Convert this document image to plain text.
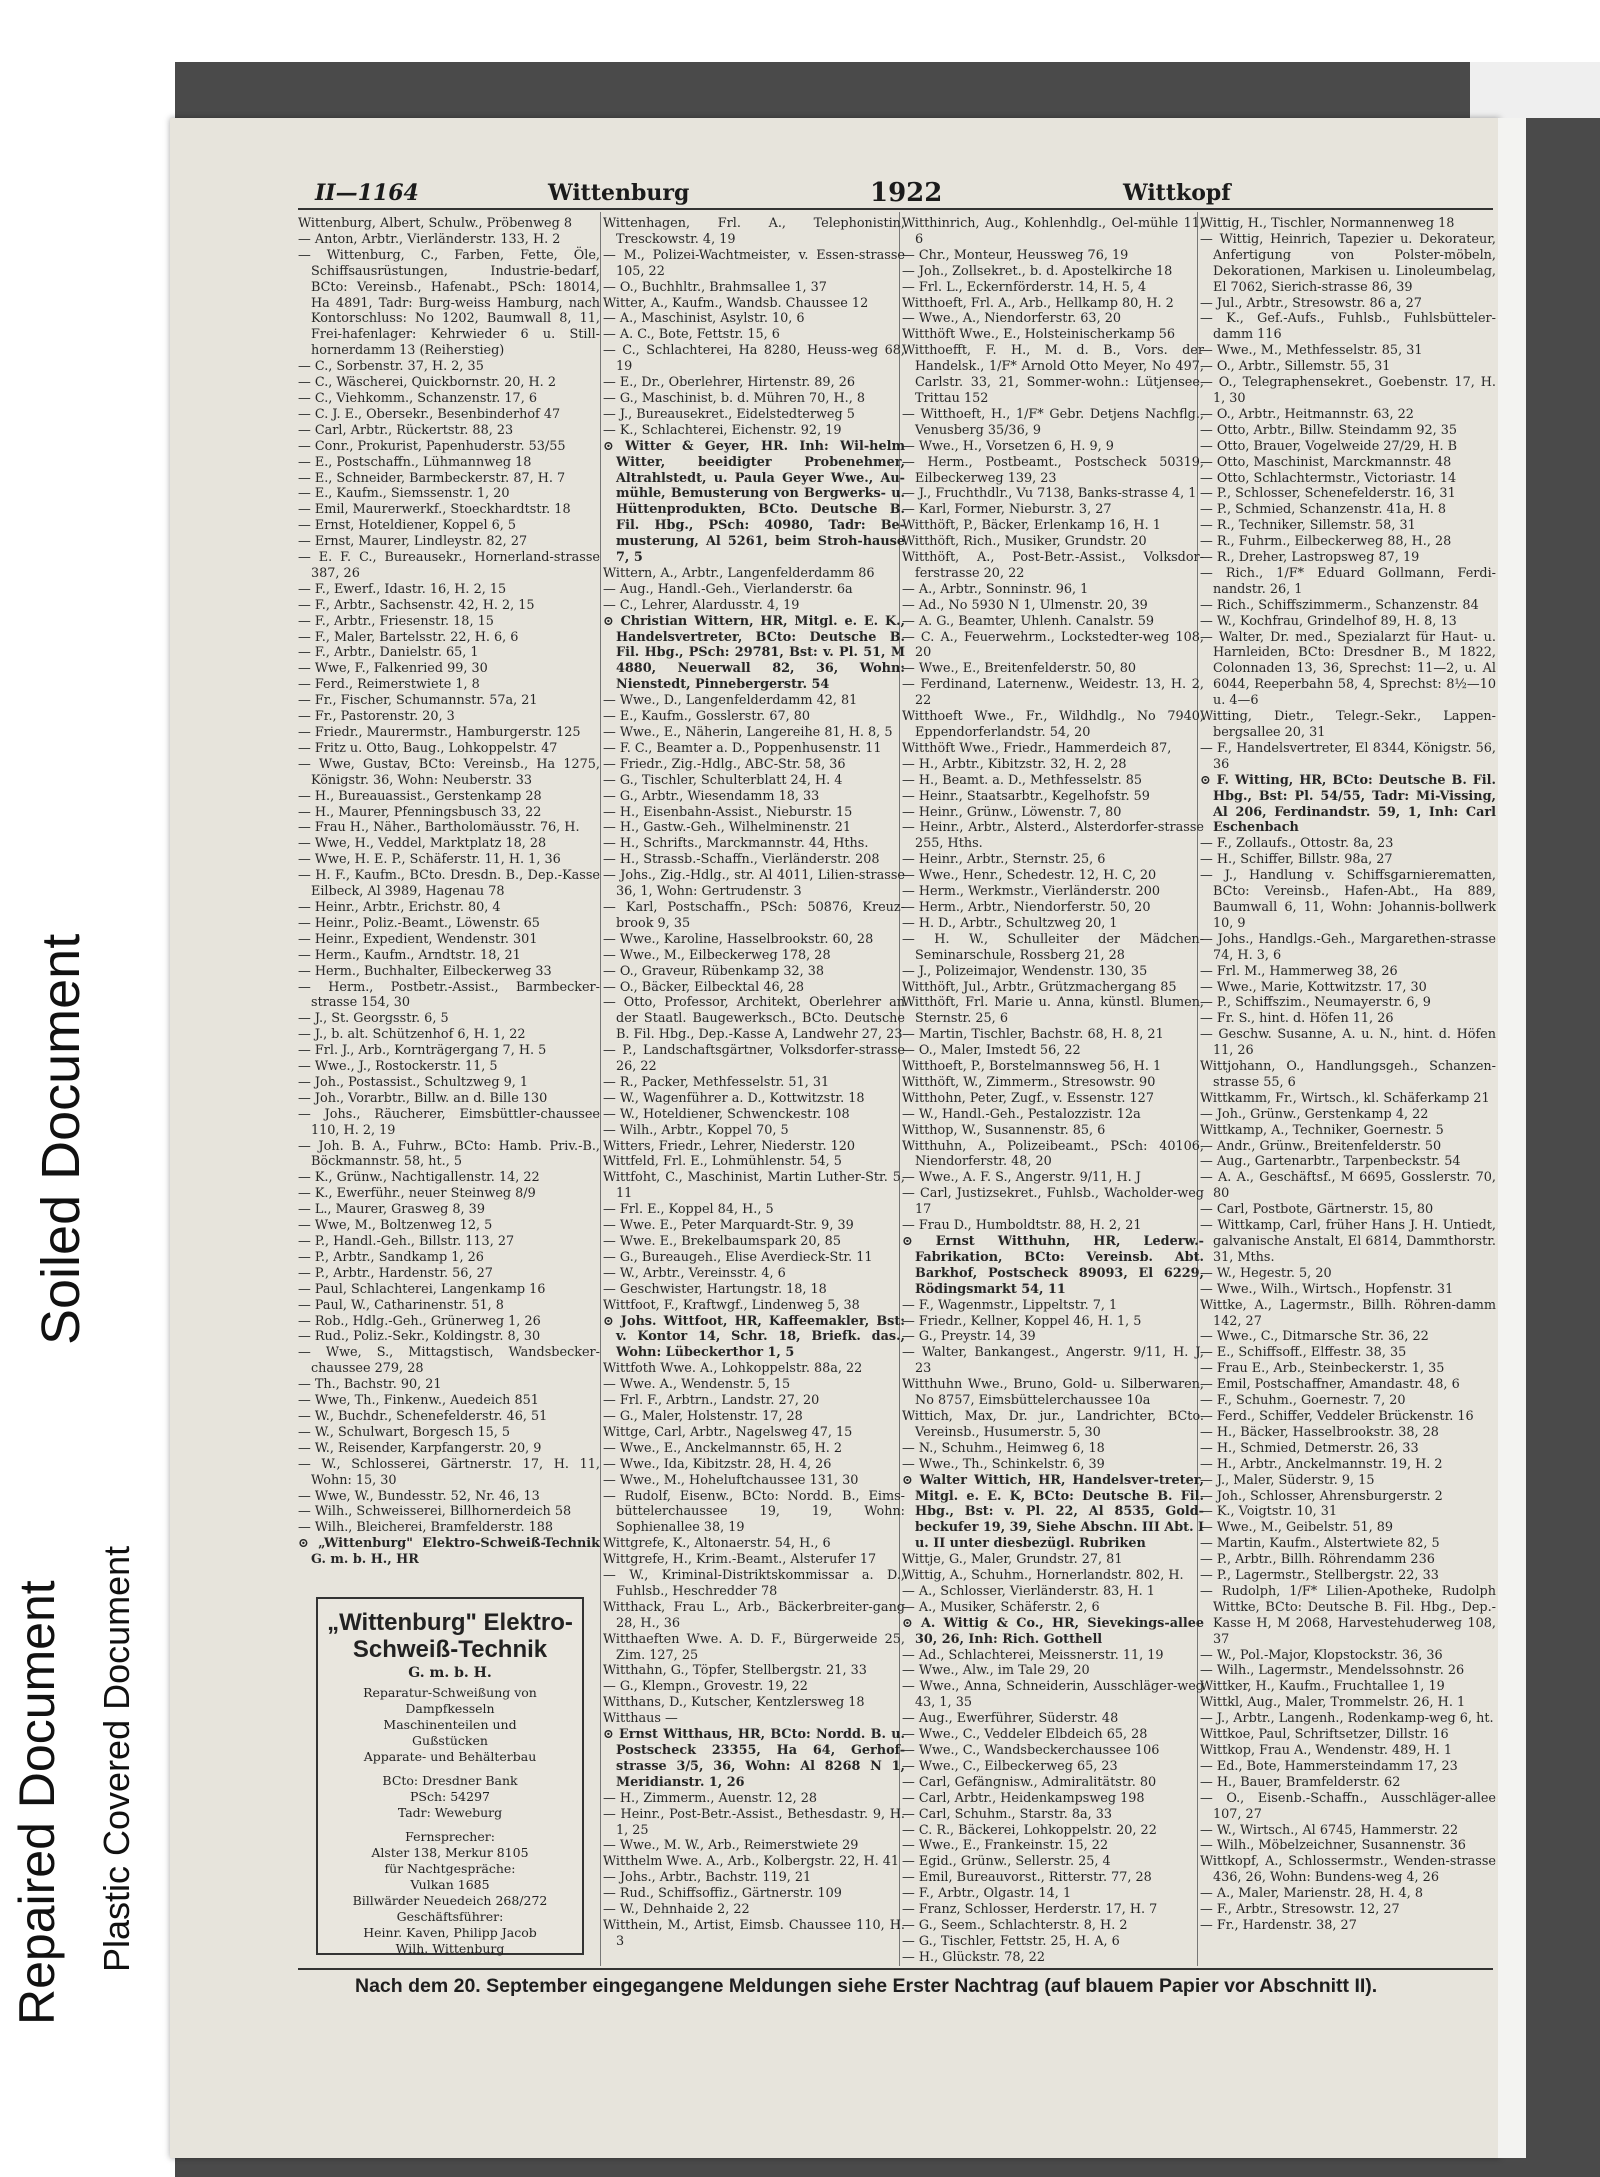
Soiled Document
Repaired Document Plastic Covered Document
II—1164	Wittenburg	1922	Wittkopf

Wittenburg, Albert, Schulw., Pröbenweg 8

— Anton, Arbtr., Vierländerstr. 133, H. 2

— Wittenburg, C., Farben, Fette, Öle, Schiffsausrüstungen, Industrie-bedarf, BCto: Vereinsb., Hafenabt., PSch: 18014, Ha 4891, Tadr: Burg-weiss Hamburg, nach Kontorschluss: No 1202, Baumwall 8, 11, Frei-hafenlager: Kehrwieder 6 u. Still-hornerdamm 13 (Reiherstieg)

— C., Sorbenstr. 37, H. 2, 35

— C., Wäscherei, Quickbornstr. 20, H. 2

— C., Viehkomm., Schanzenstr. 17, 6

— C. J. E., Obersekr., Besenbinderhof 47

— Carl, Arbtr., Rückertstr. 88, 23

— Conr., Prokurist, Papenhuderstr. 53/55

— E., Postschaffn., Lühmannweg 18

— E., Schneider, Barmbeckerstr. 87, H. 7

— E., Kaufm., Siemssenstr. 1, 20

— Emil, Maurerwerkf., Stoeckhardtstr. 18

— Ernst, Hoteldiener, Koppel 6, 5

— Ernst, Maurer, Lindleystr. 82, 27

— E. F. C., Bureausekr., Hornerland-strasse 387, 26

— F., Ewerf., Idastr. 16, H. 2, 15

— F., Arbtr., Sachsenstr. 42, H. 2, 15

— F., Arbtr., Friesenstr. 18, 15

— F., Maler, Bartelsstr. 22, H. 6, 6

— F., Arbtr., Danielstr. 65, 1

— Wwe, F., Falkenried 99, 30

— Ferd., Reimerstwiete 1, 8

— Fr., Fischer, Schumannstr. 57a, 21

— Fr., Pastorenstr. 20, 3

— Friedr., Maurermstr., Hamburgerstr. 125

— Fritz u. Otto, Baug., Lohkoppelstr. 47

— Wwe, Gustav, BCto: Vereinsb., Ha 1275, Königstr. 36, Wohn: Neuberstr. 33

— H., Bureauassist., Gerstenkamp 28

— H., Maurer, Pfenningsbusch 33, 22

— Frau H., Näher., Bartholomäusstr. 76, H.

— Wwe, H., Veddel, Marktplatz 18, 28

— Wwe, H. E. P., Schäferstr. 11, H. 1, 36

— H. F., Kaufm., BCto. Dresdn. B., Dep.-Kasse Eilbeck, Al 3989, Hagenau 78

— Heinr., Arbtr., Erichstr. 80, 4

— Heinr., Poliz.-Beamt., Löwenstr. 65

— Heinr., Expedient, Wendenstr. 301

— Herm., Kaufm., Arndtstr. 18, 21

— Herm., Buchhalter, Eilbeckerweg 33

— Herm., Postbetr.-Assist., Barmbecker-strasse 154, 30

— J., St. Georgsstr. 6, 5

— J., b. alt. Schützenhof 6, H. 1, 22

— Frl. J., Arb., Kornträgergang 7, H. 5

— Wwe., J., Rostockerstr. 11, 5

— Joh., Postassist., Schultzweg 9, 1

— Joh., Vorarbtr., Billw. an d. Bille 130

— Johs., Räucherer, Eimsbüttler-chaussee 110, H. 2, 19

— Joh. B. A., Fuhrw., BCto: Hamb. Priv.-B., Böckmannstr. 58, ht., 5

— K., Grünw., Nachtigallenstr. 14, 22

— K., Ewerführ., neuer Steinweg 8/9

— L., Maurer, Grasweg 8, 39

— Wwe, M., Boltzenweg 12, 5

— P., Handl.-Geh., Billstr. 113, 27

— P., Arbtr., Sandkamp 1, 26

— P., Arbtr., Hardenstr. 56, 27

— Paul, Schlachterei, Langenkamp 16

— Paul, W., Catharinenstr. 51, 8

— Rob., Hdlg.-Geh., Grünerweg 1, 26

— Rud., Poliz.-Sekr., Koldingstr. 8, 30

— Wwe, S., Mittagstisch, Wandsbecker-chaussee 279, 28

— Th., Bachstr. 90, 21

— Wwe, Th., Finkenw., Auedeich 851

— W., Buchdr., Schenefelderstr. 46, 51

— W., Schulwart, Borgesch 15, 5

— W., Reisender, Karpfangerstr. 20, 9

— W., Schlosserei, Gärtnerstr. 17, H. 11, Wohn: 15, 30

— Wwe, W., Bundesstr. 52, Nr. 46, 13

— Wilh., Schweisserei, Billhornerdeich 58

— Wilh., Bleicherei, Bramfelderstr. 188

⊙ „Wittenburg" Elektro-Schweiß-Technik G. m. b. H., HR

Wittenhagen, Frl. A., Telephonistin, Tresckowstr. 4, 19

— M., Polizei-Wachtmeister, v. Essen-strasse 105, 22

— O., Buchhltr., Brahmsallee 1, 37

Witter, A., Kaufm., Wandsb. Chaussee 12

— A., Maschinist, Asylstr. 10, 6

— A. C., Bote, Fettstr. 15, 6

— C., Schlachterei, Ha 8280, Heuss-weg 68, 19

— E., Dr., Oberlehrer, Hirtenstr. 89, 26

— G., Maschinist, b. d. Mühren 70, H., 8

— J., Bureausekret., Eidelstedterweg 5

— K., Schlachterei, Eichenstr. 92, 19

⊙ Witter & Geyer, HR. Inh: Wil-helm Witter, beeidigter Probenehmer, Altrahlstedt, u. Paula Geyer Wwe., Au-mühle, Bemusterung von Bergwerks- u. Hüttenprodukten, BCto. Deutsche B. Fil. Hbg., PSch: 40980, Tadr: Be-musterung, Al 5261, beim Stroh-hause 7, 5

Wittern, A., Arbtr., Langenfelderdamm 86

— Aug., Handl.-Geh., Vierlanderstr. 6a

— C., Lehrer, Alardusstr. 4, 19

⊙ Christian Wittern, HR, Mitgl. e. E. K., Handelsvertreter, BCto: Deutsche B. Fil. Hbg., PSch: 29781, Bst: v. Pl. 51, M 4880, Neuerwall 82, 36, Wohn: Nienstedt, Pinnebergerstr. 54

— Wwe., D., Langenfelderdamm 42, 81

— E., Kaufm., Gosslerstr. 67, 80

— Wwe., E., Näherin, Langereihe 81, H. 8, 5

— F. C., Beamter a. D., Poppenhusenstr. 11

— Friedr., Zig.-Hdlg., ABC-Str. 58, 36

— G., Tischler, Schulterblatt 24, H. 4

— G., Arbtr., Wiesendamm 18, 33

— H., Eisenbahn-Assist., Nieburstr. 15

— H., Gastw.-Geh., Wilhelminenstr. 21

— H., Schrifts., Marckmannstr. 44, Hths.

— H., Strassb.-Schaffn., Vierländerstr. 208

— Johs., Zig.-Hdlg., str. Al 4011, Lilien-strasse 36, 1, Wohn: Gertrudenstr. 3

— Karl, Postschaffn., PSch: 50876, Kreuz-brook 9, 35

— Wwe., Karoline, Hasselbrookstr. 60, 28

— Wwe., M., Eilbeckerweg 178, 28

— O., Graveur, Rübenkamp 32, 38

— O., Bäcker, Eilbecktal 46, 28

— Otto, Professor, Architekt, Oberlehrer an der Staatl. Baugewerksch., BCto. Deutsche B. Fil. Hbg., Dep.-Kasse A, Landwehr 27, 23

— P., Landschaftsgärtner, Volksdorfer-strasse 26, 22

— R., Packer, Methfesselstr. 51, 31

— W., Wagenführer a. D., Kottwitzstr. 18

— W., Hoteldiener, Schwenckestr. 108

— Wilh., Arbtr., Koppel 70, 5

Witters, Friedr., Lehrer, Niederstr. 120

Wittfeld, Frl. E., Lohmühlenstr. 54, 5

Wittfoht, C., Maschinist, Martin Luther-Str. 5, 11

— Frl. E., Koppel 84, H., 5

— Wwe. E., Peter Marquardt-Str. 9, 39

— Wwe. E., Brekelbaumspark 20, 85

— G., Bureaugeh., Elise Averdieck-Str. 11

— W., Arbtr., Vereinsstr. 4, 6

— Geschwister, Hartungstr. 18, 18

Wittfoot, F., Kraftwgf., Lindenweg 5, 38

⊙ Johs. Wittfoot, HR, Kaffeemakler, Bst: v. Kontor 14, Schr. 18, Briefk. das., Wohn: Lübeckerthor 1, 5

Wittfoth Wwe. A., Lohkoppelstr. 88a, 22

— Wwe. A., Wendenstr. 5, 15

— Frl. F., Arbtrn., Landstr. 27, 20

— G., Maler, Holstenstr. 17, 28

Wittge, Carl, Arbtr., Nagelsweg 47, 15

— Wwe., E., Anckelmannstr. 65, H. 2

— Wwe., Ida, Kibitzstr. 28, H. 4, 26

— Wwe., M., Hoheluftchaussee 131, 30

— Rudolf, Eisenw., BCto: Nordd. B., Eims-büttelerchaussee 19, 19, Wohn: Sophienallee 38, 19

Wittgrefe, K., Altonaerstr. 54, H., 6

Wittgrefe, H., Krim.-Beamt., Alsterufer 17

— W., Kriminal-Distriktskommissar a. D., Fuhlsb., Heschredder 78

Witthack, Frau L., Arb., Bäckerbreiter-gang 28, H., 36

Witthaeften Wwe. A. D. F., Bürgerweide 25, Zim. 127, 25

Witthahn, G., Töpfer, Stellbergstr. 21, 33

— G., Klempn., Grovestr. 19, 22

Witthans, D., Kutscher, Kentzlersweg 18

Witthaus —

⊙ Ernst Witthaus, HR, BCto: Nordd. B. u. Postscheck 23355, Ha 64, Gerhof-strasse 3/5, 36, Wohn: Al 8268 N 1, Meridianstr. 1, 26

— H., Zimmerm., Auenstr. 12, 28

— Heinr., Post-Betr.-Assist., Bethesdastr. 9, H. 1, 25

— Wwe., M. W., Arb., Reimerstwiete 29

Witthelm Wwe. A., Arb., Kolbergstr. 22, H. 41

— Johs., Arbtr., Bachstr. 119, 21

— Rud., Schiffsoffiz., Gärtnerstr. 109

— W., Dehnhaide 2, 22

Witthein, M., Artist, Eimsb. Chaussee 110, H. 3

Witthinrich, Aug., Kohlenhdlg., Oel-mühle 11, 6

— Chr., Monteur, Heussweg 76, 19

— Joh., Zollsekret., b. d. Apostelkirche 18

— Frl. L., Eckernförderstr. 14, H. 5, 4

Witthoeft, Frl. A., Arb., Hellkamp 80, H. 2

— Wwe., A., Niendorferstr. 63, 20

Witthöft Wwe., E., Holsteinischerkamp 56

Witthoefft, F. H., M. d. B., Vors. der Handelsk., 1/F* Arnold Otto Meyer, No 497, Carlstr. 33, 21, Sommer-wohn.: Lütjensee, Trittau 152

— Witthoeft, H., 1/F* Gebr. Detjens Nachflg., Venusberg 35/36, 9

— Wwe., H., Vorsetzen 6, H. 9, 9

— Herm., Postbeamt., Postscheck 50319, Eilbeckerweg 139, 23

— J., Fruchthdlr., Vu 7138, Banks-strasse 4, 1

— Karl, Former, Nieburstr. 3, 27

Witthöft, P., Bäcker, Erlenkamp 16, H. 1

Witthöft, Rich., Musiker, Grundstr. 20

Witthöft, A., Post-Betr.-Assist., Volksdor-ferstrasse 20, 22

— A., Arbtr., Sonninstr. 96, 1

— Ad., No 5930 N 1, Ulmenstr. 20, 39

— A. G., Beamter, Uhlenh. Canalstr. 59

— C. A., Feuerwehrm., Lockstedter-weg 108, 20

— Wwe., E., Breitenfelderstr. 50, 80

— Ferdinand, Laternenw., Weidestr. 13, H. 2, 22

Witthoeft Wwe., Fr., Wildhdlg., No 7940, Eppendorferlandstr. 54, 20

Witthöft Wwe., Friedr., Hammerdeich 87,

— H., Arbtr., Kibitzstr. 32, H. 2, 28

— H., Beamt. a. D., Methfesselstr. 85

— Heinr., Staatsarbtr., Kegelhofstr. 59

— Heinr., Grünw., Löwenstr. 7, 80

— Heinr., Arbtr., Alsterd., Alsterdorfer-strasse 255, Hths.

— Heinr., Arbtr., Sternstr. 25, 6

— Wwe., Henr., Schedestr. 12, H. C, 20

— Herm., Werkmstr., Vierländerstr. 200

— Herm., Arbtr., Niendorferstr. 50, 20

— H. D., Arbtr., Schultzweg 20, 1

— H. W., Schulleiter der Mädchen-Seminarschule, Rossberg 21, 28

— J., Polizeimajor, Wendenstr. 130, 35

Witthöft, Jul., Arbtr., Grützmachergang 85

Witthöft, Frl. Marie u. Anna, künstl. Blumen, Sternstr. 25, 6

— Martin, Tischler, Bachstr. 68, H. 8, 21

— O., Maler, Imstedt 56, 22

Witthoeft, P., Borstelmannsweg 56, H. 1

Witthöft, W., Zimmerm., Stresowstr. 90

Witthohn, Peter, Zugf., v. Essenstr. 127

— W., Handl.-Geh., Pestalozzistr. 12a

Witthop, W., Susannenstr. 85, 6

Witthuhn, A., Polizeibeamt., PSch: 40106, Niendorferstr. 48, 20

— Wwe., A. F. S., Angerstr. 9/11, H. J

— Carl, Justizsekret., Fuhlsb., Wacholder-weg 17

— Frau D., Humboldtstr. 88, H. 2, 21

⊙ Ernst Witthuhn, HR, Lederw.-Fabrikation, BCto: Vereinsb. Abt. Barkhof, Postscheck 89093, El 6229, Rödingsmarkt 54, 11

— F., Wagenmstr., Lippeltstr. 7, 1

— Friedr., Kellner, Koppel 46, H. 1, 5

— G., Preystr. 14, 39

— Walter, Bankangest., Angerstr. 9/11, H. J, 23

Witthuhn Wwe., Bruno, Gold- u. Silberwaren, No 8757, Eimsbüttelerchaussee 10a

Wittich, Max, Dr. jur., Landrichter, BCto. Vereinsb., Husumerstr. 5, 30

— N., Schuhm., Heimweg 6, 18

— Wwe., Th., Schinkelstr. 6, 39

⊙ Walter Wittich, HR, Handelsver-treter, Mitgl. e. E. K, BCto: Deutsche B. Fil. Hbg., Bst: v. Pl. 22, Al 8535, Gold-beckufer 19, 39, Siehe Abschn. III Abt. I u. II unter diesbezügl. Rubriken

Wittje, G., Maler, Grundstr. 27, 81

Wittig, A., Schuhm., Hornerlandstr. 802, H.

— A., Schlosser, Vierländerstr. 83, H. 1

— A., Musiker, Schäferstr. 2, 6

⊙ A. Wittig & Co., HR, Sievekings-allee 30, 26, Inh: Rich. Gotthell

— Ad., Schlachterei, Meissnerstr. 11, 19

— Wwe., Alw., im Tale 29, 20

— Wwe., Anna, Schneiderin, Ausschläger-weg 43, 1, 35

— Aug., Ewerführer, Süderstr. 48

— Wwe., C., Veddeler Elbdeich 65, 28

— Wwe., C., Wandsbeckerchaussee 106

— Wwe., C., Eilbeckerweg 65, 23

— Carl, Gefängnisw., Admiralitätstr. 80

— Carl, Arbtr., Heidenkampsweg 198

— Carl, Schuhm., Starstr. 8a, 33

— C. R., Bäckerei, Lohkoppelstr. 20, 22

— Wwe., E., Frankeinstr. 15, 22

— Egid., Grünw., Sellerstr. 25, 4

— Emil, Bureauvorst., Ritterstr. 77, 28

— F., Arbtr., Olgastr. 14, 1

— Franz, Schlosser, Herderstr. 17, H. 7

— G., Seem., Schlachterstr. 8, H. 2

— G., Tischler, Fettstr. 25, H. A, 6

— H., Glückstr. 78, 22

Wittig, H., Tischler, Normannenweg 18

— Wittig, Heinrich, Tapezier u. Dekorateur, Anfertigung von Polster-möbeln, Dekorationen, Markisen u. Linoleumbelag, El 7062, Sierich-strasse 86, 39

— Jul., Arbtr., Stresowstr. 86 a, 27

— K., Gef.-Aufs., Fuhlsb., Fuhlsbütteler-damm 116

— Wwe., M., Methfesselstr. 85, 31

— O., Arbtr., Sillemstr. 55, 31

— O., Telegraphensekret., Goebenstr. 17, H. 1, 30

— O., Arbtr., Heitmannstr. 63, 22

— Otto, Arbtr., Billw. Steindamm 92, 35

— Otto, Brauer, Vogelweide 27/29, H. B

— Otto, Maschinist, Marckmannstr. 48

— Otto, Schlachtermstr., Victoriastr. 14

— P., Schlosser, Schenefelderstr. 16, 31

— P., Schmied, Schanzenstr. 41a, H. 8

— R., Techniker, Sillemstr. 58, 31

— R., Fuhrm., Eilbeckerweg 88, H., 28

— R., Dreher, Lastropsweg 87, 19

— Rich., 1/F* Eduard Gollmann, Ferdi-nandstr. 26, 1

— Rich., Schiffszimmerm., Schanzenstr. 84

— W., Kochfrau, Grindelhof 89, H. 8, 13

— Walter, Dr. med., Spezialarzt für Haut- u. Harnleiden, BCto: Dresdner B., M 1822, Colonnaden 13, 36, Sprechst: 11—2, u. Al 6044, Reeperbahn 58, 4, Sprechst: 8½—10 u. 4—6

Witting, Dietr., Telegr.-Sekr., Lappen-bergsallee 20, 31

— F., Handelsvertreter, El 8344, Königstr. 56, 36

⊙ F. Witting, HR, BCto: Deutsche B. Fil. Hbg., Bst: Pl. 54/55, Tadr: Mi-Vissing, Al 206, Ferdinandstr. 59, 1, Inh: Carl Eschenbach

— F., Zollaufs., Ottostr. 8a, 23

— H., Schiffer, Billstr. 98a, 27

— J., Handlung v. Schiffsgarnierematten, BCto: Vereinsb., Hafen-Abt., Ha 889, Baumwall 6, 11, Wohn: Johannis-bollwerk 10, 9

— Johs., Handlgs.-Geh., Margarethen-strasse 74, H. 3, 6

— Frl. M., Hammerweg 38, 26

— Wwe., Marie, Kottwitzstr. 17, 30

— P., Schiffszim., Neumayerstr. 6, 9

— Fr. S., hint. d. Höfen 11, 26

— Geschw. Susanne, A. u. N., hint. d. Höfen 11, 26

Wittjohann, O., Handlungsgeh., Schanzen-strasse 55, 6

Wittkamm, Fr., Wirtsch., kl. Schäferkamp 21

— Joh., Grünw., Gerstenkamp 4, 22

Wittkamp, A., Techniker, Goernestr. 5

— Andr., Grünw., Breitenfelderstr. 50

— Aug., Gartenarbtr., Tarpenbeckstr. 54

— A. A., Geschäftsf., M 6695, Gosslerstr. 70, 80

— Carl, Postbote, Gärtnerstr. 15, 80

— Wittkamp, Carl, früher Hans J. H. Untiedt, galvanische Anstalt, El 6814, Dammthorstr. 31, Mths.

— W., Hegestr. 5, 20

— Wwe., Wilh., Wirtsch., Hopfenstr. 31

Wittke, A., Lagermstr., Billh. Röhren-damm 142, 27

— Wwe., C., Ditmarsche Str. 36, 22

— E., Schiffsoff., Elffestr. 38, 35

— Frau E., Arb., Steinbeckerstr. 1, 35

— Emil, Postschaffner, Amandastr. 48, 6

— F., Schuhm., Goernestr. 7, 20

— Ferd., Schiffer, Veddeler Brückenstr. 16

— H., Bäcker, Hasselbrookstr. 38, 28

— H., Schmied, Detmerstr. 26, 33

— H., Arbtr., Anckelmannstr. 19, H. 2

— J., Maler, Süderstr. 9, 15

— Joh., Schlosser, Ahrensburgerstr. 2

— K., Voigtstr. 10, 31

— Wwe., M., Geibelstr. 51, 89

— Martin, Kaufm., Alstertwiete 82, 5

— P., Arbtr., Billh. Röhrendamm 236

— P., Lagermstr., Stellbergstr. 22, 33

— Rudolph, 1/F* Lilien-Apotheke, Rudolph Wittke, BCto: Deutsche B. Fil. Hbg., Dep.-Kasse H, M 2068, Harvestehuderweg 108, 37

— W., Pol.-Major, Klopstockstr. 36, 36

— Wilh., Lagermstr., Mendelssohnstr. 26

Wittker, H., Kaufm., Fruchtallee 1, 19

Wittkl, Aug., Maler, Trommelstr. 26, H. 1

— J., Arbtr., Langenh., Rodenkamp-weg 6, ht.

Wittkoe, Paul, Schriftsetzer, Dillstr. 16

Wittkop, Frau A., Wendenstr. 489, H. 1

— Ed., Bote, Hammersteindamm 17, 23

— H., Bauer, Bramfelderstr. 62

— O., Eisenb.-Schaffn., Ausschläger-allee 107, 27

— W., Wirtsch., Al 6745, Hammerstr. 22

— Wilh., Möbelzeichner, Susannenstr. 36

Wittkopf, A., Schlossermstr., Wenden-strasse 436, 26, Wohn: Bundens-weg 4, 26

— A., Maler, Marienstr. 28, H. 4, 8

— F., Arbtr., Stresowstr. 12, 27

— Fr., Hardenstr. 38, 27

„Wittenburg" Elektro-Schweiß-Technik
G. m. b. H.

Reparatur-Schweißung von

Dampfkesseln

Maschinenteilen und

Gußstücken

Apparate- und Behälterbau

BCto: Dresdner Bank

PSch: 54297

Tadr: Weweburg

Fernsprecher:

Alster 138, Merkur 8105

für Nachtgespräche:

Vulkan 1685

Billwärder Neuedeich 268/272

Geschäftsführer:

Heinr. Kaven, Philipp Jacob

Wilh. Wittenburg

Nach dem 20. September eingegangene Meldungen siehe Erster Nachtrag (auf blauem Papier vor Abschnitt II).
